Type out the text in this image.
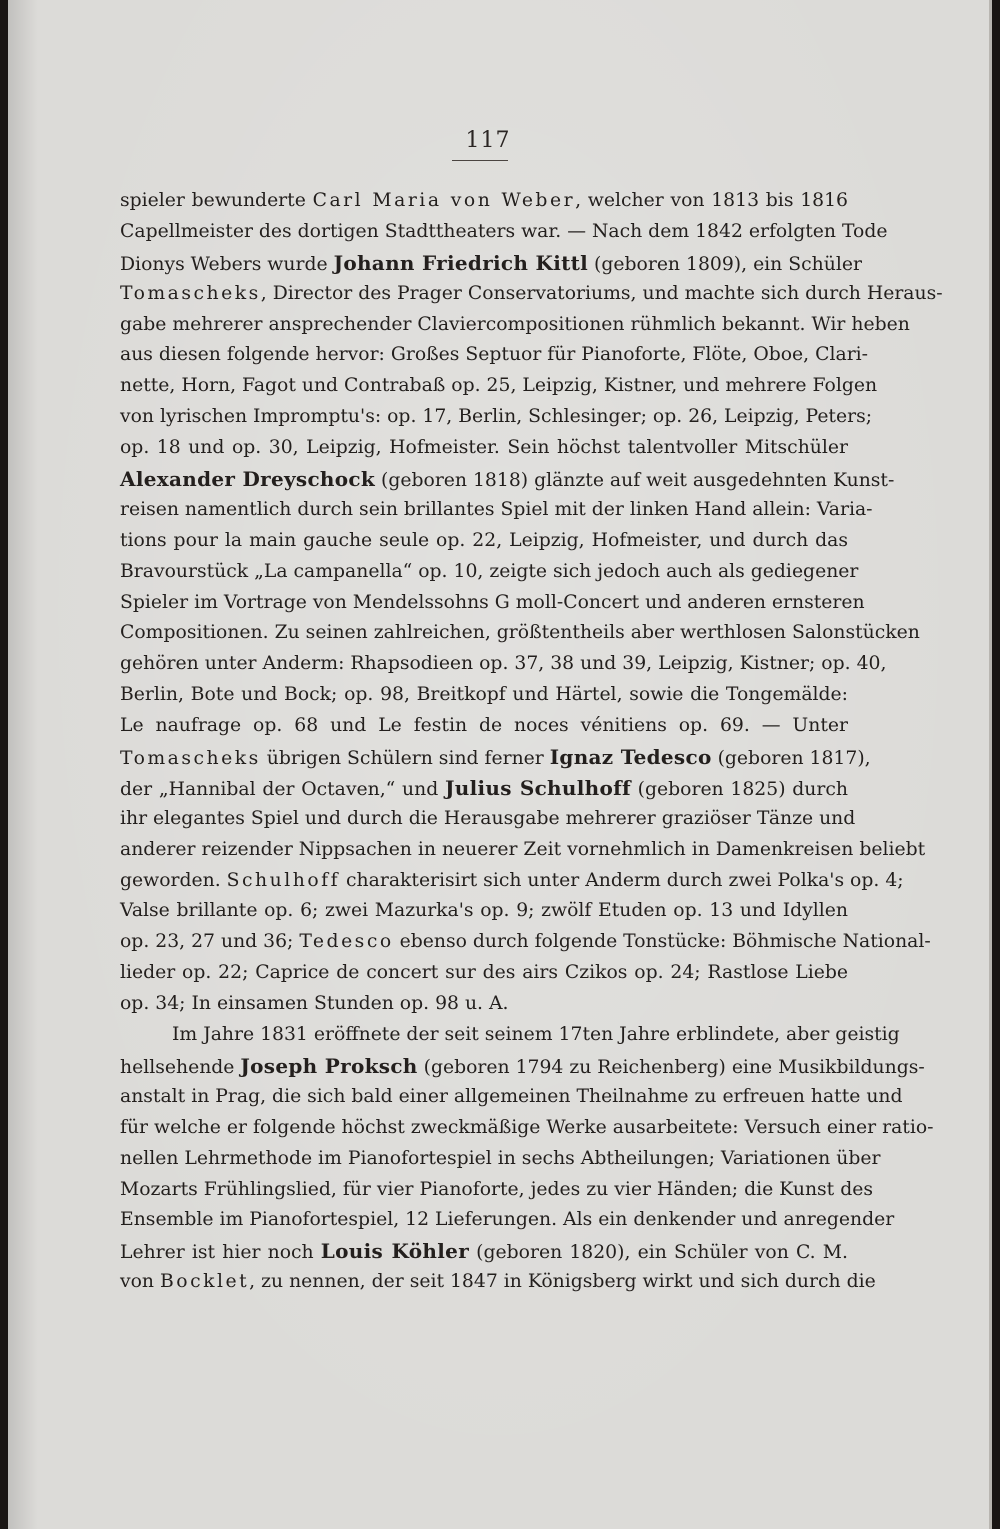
117
spieler bewunderte Carl Maria von Weber, welcher von 1813 bis 1816
Capellmeister des dortigen Stadttheaters war. — Nach dem 1842 erfolgten Tode
Dionys Webers wurde Johann Friedrich Kittl (geboren 1809), ein Schüler
Tomascheks, Director des Prager Conservatoriums, und machte sich durch Heraus-
gabe mehrerer ansprechender Claviercompositionen rühmlich bekannt. Wir heben
aus diesen folgende hervor: Großes Septuor für Pianoforte, Flöte, Oboe, Clari-
nette, Horn, Fagot und Contrabaß op. 25, Leipzig, Kistner, und mehrere Folgen
von lyrischen Impromptu's: op. 17, Berlin, Schlesinger; op. 26, Leipzig, Peters;
op. 18 und op. 30, Leipzig, Hofmeister. Sein höchst talentvoller Mitschüler
Alexander Dreyschock (geboren 1818) glänzte auf weit ausgedehnten Kunst-
reisen namentlich durch sein brillantes Spiel mit der linken Hand allein: Varia-
tions pour la main gauche seule op. 22, Leipzig, Hofmeister, und durch das
Bravourstück „La campanella“ op. 10, zeigte sich jedoch auch als gediegener
Spieler im Vortrage von Mendelssohns G moll-Concert und anderen ernsteren
Compositionen. Zu seinen zahlreichen, größtentheils aber werthlosen Salonstücken
gehören unter Anderm: Rhapsodieen op. 37, 38 und 39, Leipzig, Kistner; op. 40,
Berlin, Bote und Bock; op. 98, Breitkopf und Härtel, sowie die Tongemälde:
Le naufrage op. 68 und Le festin de noces vénitiens op. 69. — Unter
Tomascheks übrigen Schülern sind ferner Ignaz Tedesco (geboren 1817),
der „Hannibal der Octaven,“ und Julius Schulhoff (geboren 1825) durch
ihr elegantes Spiel und durch die Herausgabe mehrerer graziöser Tänze und
anderer reizender Nippsachen in neuerer Zeit vornehmlich in Damenkreisen beliebt
geworden. Schulhoff charakterisirt sich unter Anderm durch zwei Polka's op. 4;
Valse brillante op. 6; zwei Mazurka's op. 9; zwölf Etuden op. 13 und Idyllen
op. 23, 27 und 36; Tedesco ebenso durch folgende Tonstücke: Böhmische National-
lieder op. 22; Caprice de concert sur des airs Czikos op. 24; Rastlose Liebe
op. 34; In einsamen Stunden op. 98 u. A.
Im Jahre 1831 eröffnete der seit seinem 17ten Jahre erblindete, aber geistig
hellsehende Joseph Proksch (geboren 1794 zu Reichenberg) eine Musikbildungs-
anstalt in Prag, die sich bald einer allgemeinen Theilnahme zu erfreuen hatte und
für welche er folgende höchst zweckmäßige Werke ausarbeitete: Versuch einer ratio-
nellen Lehrmethode im Pianofortespiel in sechs Abtheilungen; Variationen über
Mozarts Frühlingslied, für vier Pianoforte, jedes zu vier Händen; die Kunst des
Ensemble im Pianofortespiel, 12 Lieferungen. Als ein denkender und anregender
Lehrer ist hier noch Louis Köhler (geboren 1820), ein Schüler von C. M.
von Bocklet, zu nennen, der seit 1847 in Königsberg wirkt und sich durch die
